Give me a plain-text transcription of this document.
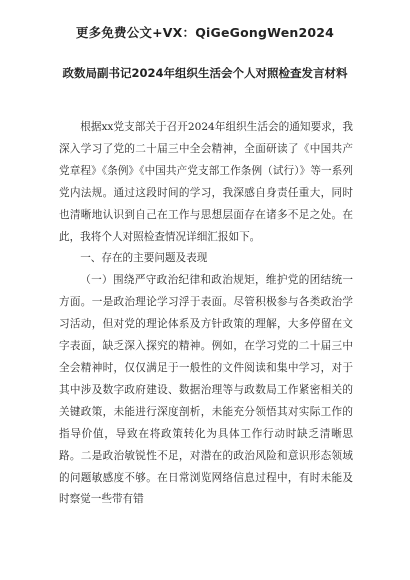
更多免费公文+VX：QiGeGongWen2024
政数局副书记2024年组织生活会个人对照检查发言材料

根据xx党支部关于召开2024年组织生活会的通知要求，我深入学习了党的二十届三中全会精神，全面研读了《中国共产党章程》《条例》《中国共产党支部工作条例（试行）》等一系列党内法规。通过这段时间的学习，我深感自身责任重大，同时也清晰地认识到自己在工作与思想层面存在诸多不足之处。在此，我将个人对照检查情况详细汇报如下。

一、存在的主要问题及表现

（一）围绕严守政治纪律和政治规矩，维护党的团结统一方面。一是政治理论学习浮于表面。尽管积极参与各类政治学习活动，但对党的理论体系及方针政策的理解，大多停留在文字表面，缺乏深入探究的精神。例如，在学习党的二十届三中全会精神时，仅仅满足于一般性的文件阅读和集中学习，对于其中涉及数字政府建设、数据治理等与政数局工作紧密相关的关键政策，未能进行深度剖析，未能充分领悟其对实际工作的指导价值，导致在将政策转化为具体工作行动时缺乏清晰思路。二是政治敏锐性不足，对潜在的政治风险和意识形态领域的问题敏感度不够。在日常浏览网络信息过程中，有时未能及时察觉一些带有错
